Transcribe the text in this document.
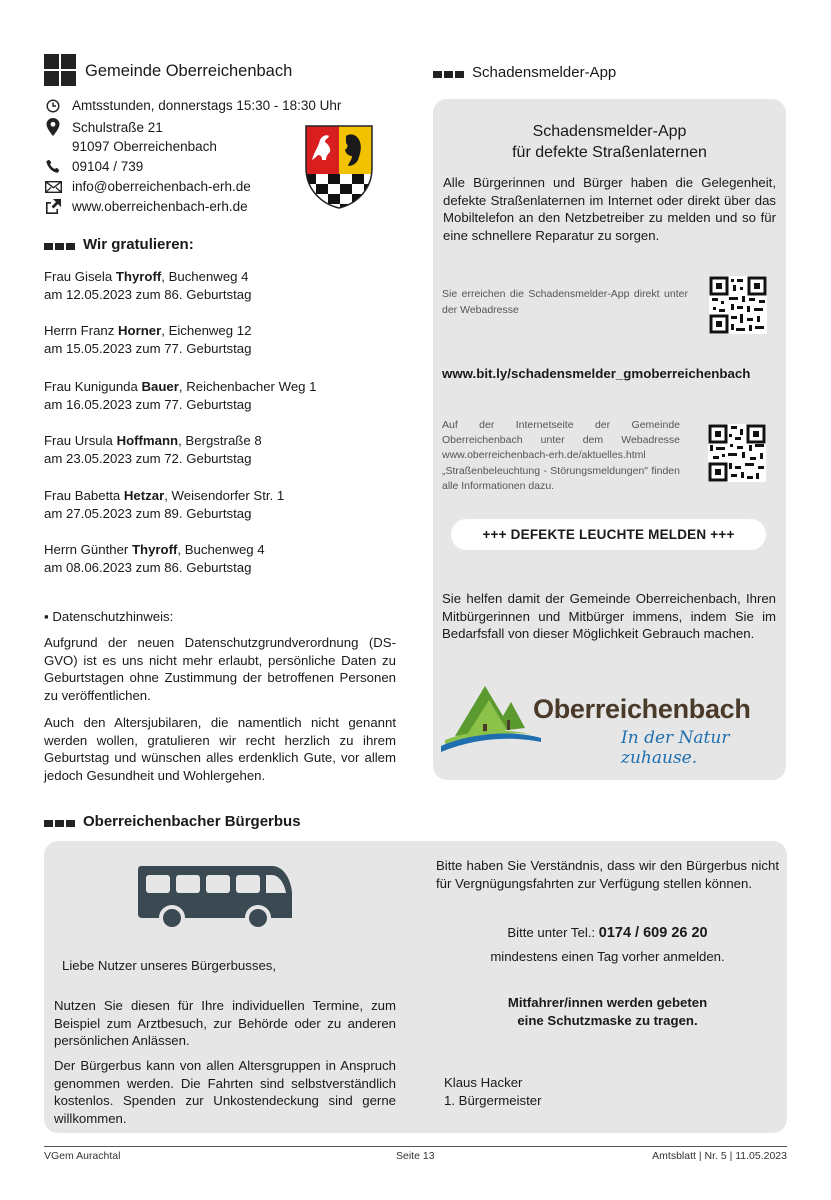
Gemeinde Oberreichenbach
Amtsstunden, donnerstags 15:30 - 18:30 Uhr
Schulstraße 21
91097 Oberreichenbach
09104 / 739
info@oberreichenbach-erh.de
www.oberreichenbach-erh.de
Wir gratulieren:
Frau Gisela Thyroff, Buchenweg 4
am 12.05.2023 zum 86. Geburtstag
Herrn Franz Horner, Eichenweg 12
am 15.05.2023 zum 77. Geburtstag
Frau Kunigunda Bauer, Reichenbacher Weg 1
am 16.05.2023 zum 77. Geburtstag
Frau Ursula Hoffmann, Bergstraße 8
am 23.05.2023 zum 72. Geburtstag
Frau Babetta Hetzar, Weisendorfer Str. 1
am 27.05.2023 zum 89. Geburtstag
Herrn Günther Thyroff, Buchenweg 4
am 08.06.2023 zum 86. Geburtstag
▪ Datenschutzhinweis:
Aufgrund der neuen Datenschutzgrundverordnung (DS-GVO) ist es uns nicht mehr erlaubt, persönliche Daten zu Geburtstagen ohne Zustimmung der betroffenen Personen zu veröffentlichen.
Auch den Altersjubilaren, die namentlich nicht genannt werden wollen, gratulieren wir recht herzlich zu ihrem Geburtstag und wünschen alles erdenklich Gute, vor allem jedoch Gesundheit und Wohlergehen.
Schadensmelder-App
Schadensmelder-App
für defekte Straßenlaternen
Alle Bürgerinnen und Bürger haben die Gelegenheit, defekte Straßenlaternen im Internet oder direkt über das Mobiltelefon an den Netzbetreiber zu melden und so für eine schnellere Reparatur zu sorgen.
Sie erreichen die Schadensmelder-App direkt unter der Webadresse
www.bit.ly/schadensmelder_gmoberreichenbach
Auf der Internetseite der Gemeinde Oberreichenbach unter dem Webadresse www.oberreichenbach-erh.de/aktuelles.html „Straßenbeleuchtung - Störungsmeldungen" finden alle Informationen dazu.
+++ DEFEKTE LEUCHTE MELDEN +++
Sie helfen damit der Gemeinde Oberreichenbach, Ihren Mitbürgerinnen und Mitbürger immens, indem Sie im Bedarfsfall von dieser Möglichkeit Gebrauch machen.
Oberreichenbach
In der Natur zuhause.
Oberreichenbacher Bürgerbus
Liebe Nutzer unseres Bürgerbusses,
Nutzen Sie diesen für Ihre individuellen Termine, zum Beispiel zum Arztbesuch, zur Behörde oder zu anderen persönlichen Anlässen.
Der Bürgerbus kann von allen Altersgruppen in Anspruch genommen werden. Die Fahrten sind selbstverständlich kostenlos. Spenden zur Unkostendeckung sind gerne willkommen.
Bitte haben Sie Verständnis, dass wir den Bürgerbus nicht für Vergnügungsfahrten zur Verfügung stellen können.
Bitte unter Tel.: 0174 / 609 26 20
mindestens einen Tag vorher anmelden.
Mitfahrer/innen werden gebeten
eine Schutzmaske zu tragen.
Klaus Hacker
1. Bürgermeister
VGem Aurachtal	Seite 13	Amtsblatt | Nr. 5 | 11.05.2023
